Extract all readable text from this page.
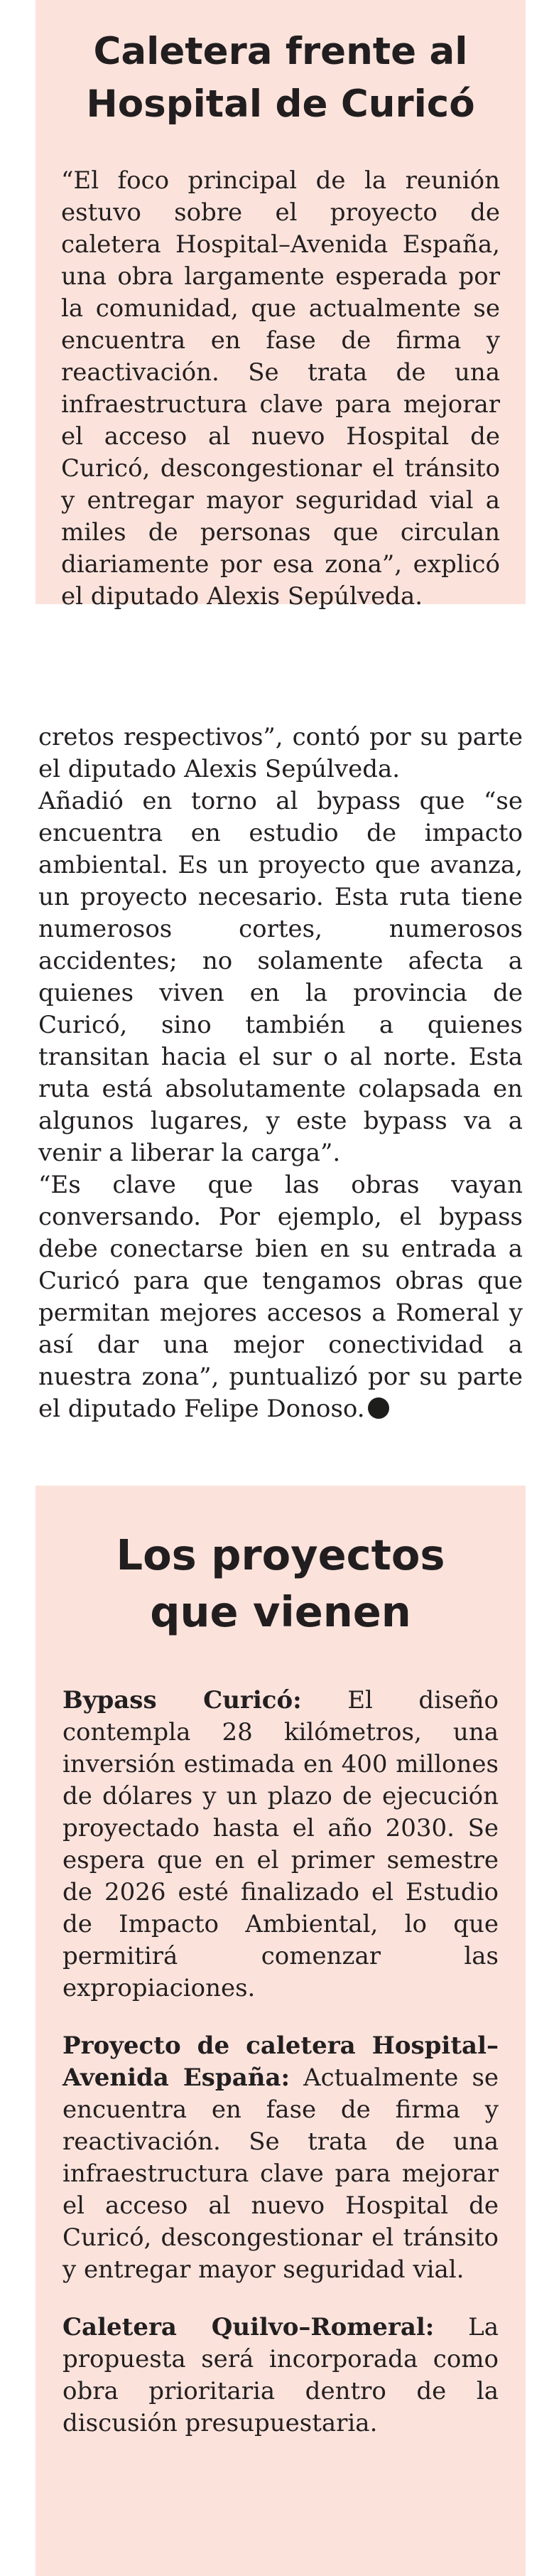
Caletera frente al
Hospital de Curicó

“El foco principal de la reunión estuvo sobre el proyecto de caletera Hospital–Avenida España, una obra largamente esperada por la comunidad, que actualmente se encuentra en fase de firma y reactivación. Se trata de una infraestructura clave para mejorar el acceso al nuevo Hospital de Curicó, descongestionar el tránsito y entregar mayor seguridad vial a miles de personas que circulan diariamente por esa zona”, explicó el diputado Alexis Sepúlveda.

cretos respectivos”, contó por su parte el diputado Alexis Sepúlveda.

Añadió en torno al bypass que “se encuentra en estudio de impacto ambiental. Es un proyecto que avanza, un proyecto necesario. Esta ruta tiene numerosos cortes, numerosos accidentes; no solamente afecta a quienes viven en la provincia de Curicó, sino también a quienes transitan hacia el sur o al norte. Esta ruta está absolutamente colapsada en algunos lugares, y este bypass va a venir a liberar la carga”.

“Es clave que las obras vayan conversando. Por ejemplo, el bypass debe conectarse bien en su entrada a Curicó para que tengamos obras que permitan mejores accesos a Romeral y así dar una mejor conectividad a nuestra zona”, puntualizó por su parte el diputado Felipe Donoso.

Los proyectos
que vienen

Bypass Curicó: El diseño contempla 28 kilómetros, una inversión estimada en 400 millones de dólares y un plazo de ejecución proyectado hasta el año 2030. Se espera que en el primer semestre de 2026 esté finalizado el Estudio de Impacto Ambiental, lo que permitirá comenzar las expropiaciones.

Proyecto de caletera Hospital–Avenida España: Actualmente se encuentra en fase de firma y reactivación. Se trata de una infraestructura clave para mejorar el acceso al nuevo Hospital de Curicó, descongestionar el tránsito y entregar mayor seguridad vial.

Caletera Quilvo–Romeral: La propuesta será incorporada como obra prioritaria dentro de la discusión presupuestaria.
